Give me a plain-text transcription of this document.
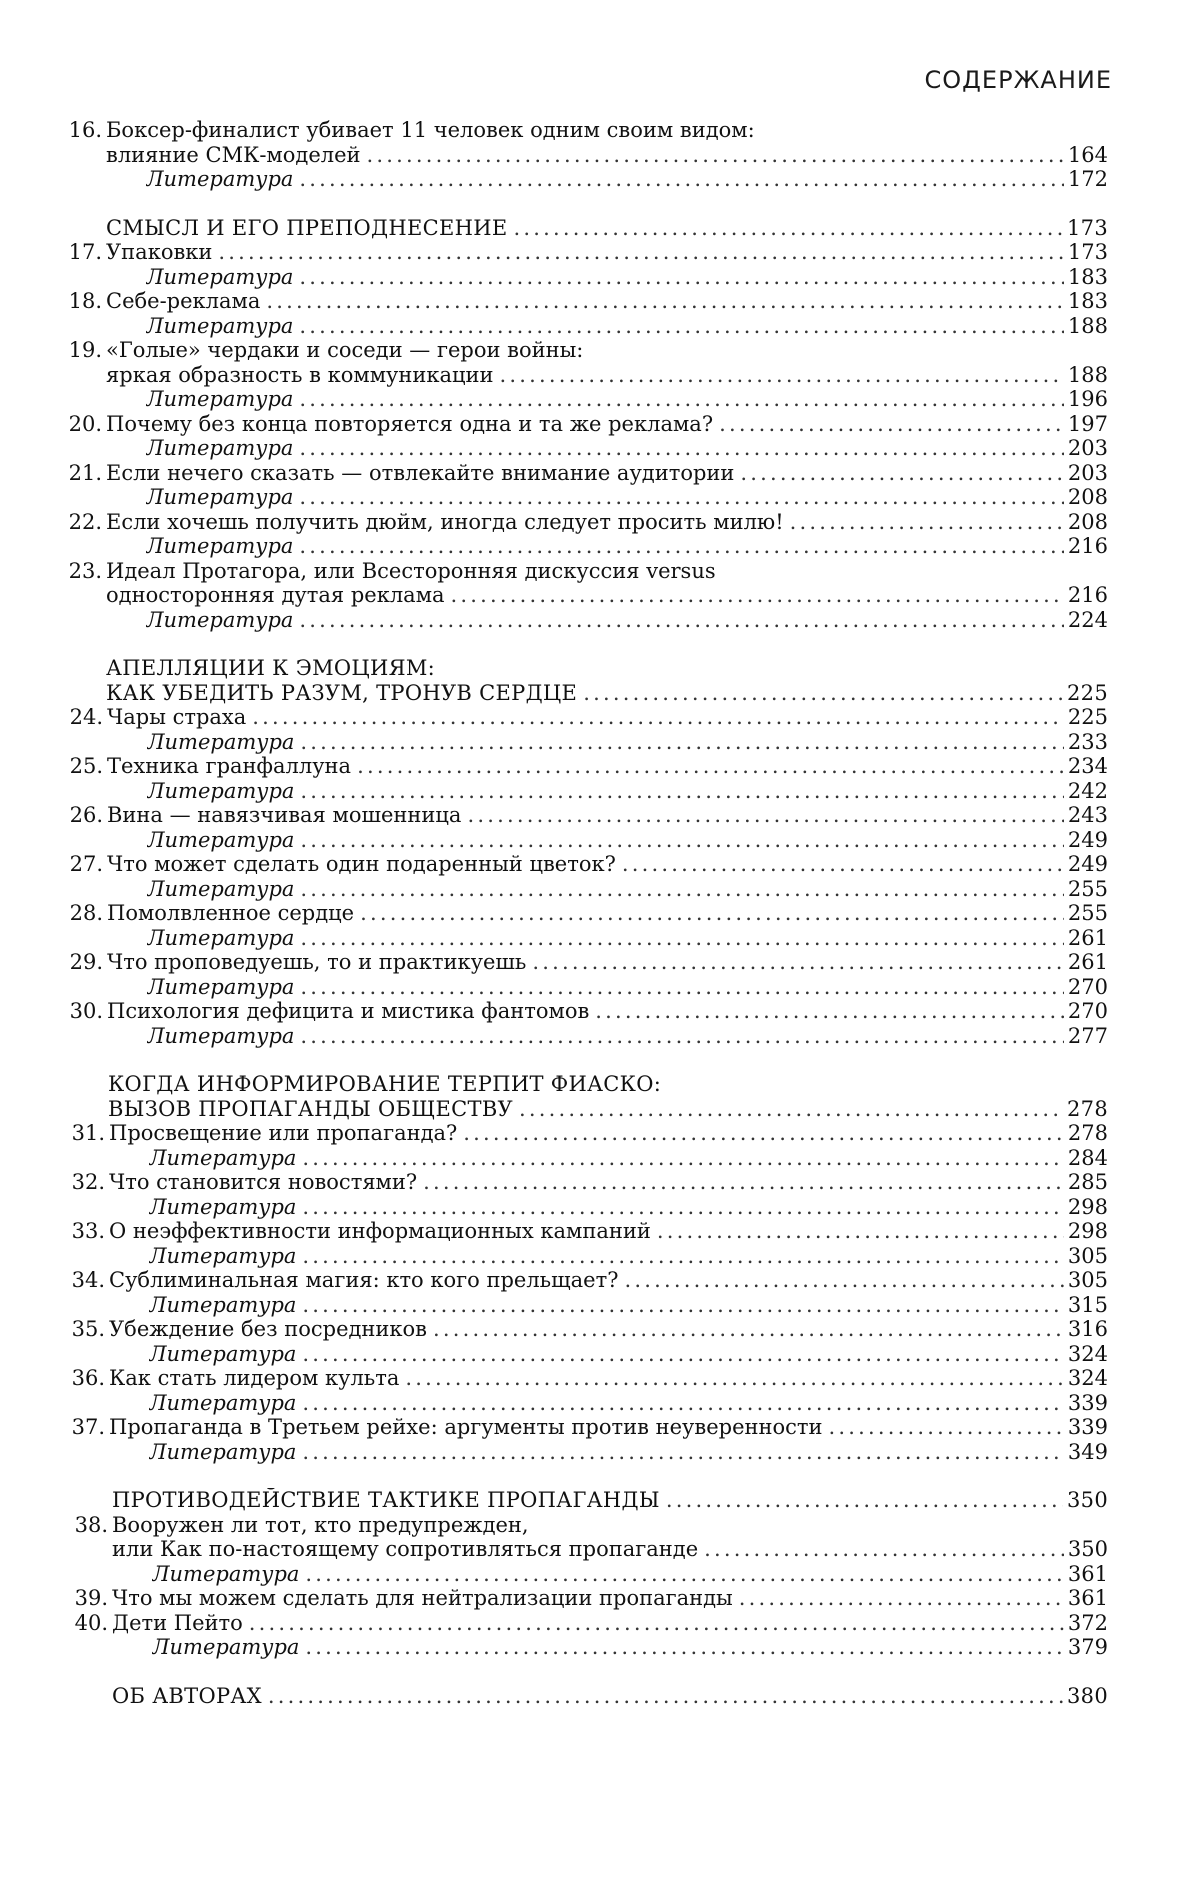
СОДЕРЖАНИЕ
16. Боксер-финалист убивает 11 человек одним своим видом:
влияние СМК-моделей
.....	164
Литература
.....	172
СМЫСЛ И ЕГО ПРЕПОДНЕСЕНИЕ
.....	173
17. Упаковки
.....	173
Литература
.....	183
18. Себе-реклама
.....	183
Литература
.....	188
19. «Голые» чердаки и соседи — герои войны:
яркая образность в коммуникации
.....	188
Литература
.....	196
20. Почему без конца повторяется одна и та же реклама?
.....	197
Литература
.....	203
21. Если нечего сказать — отвлекайте внимание аудитории
.....	203
Литература
.....	208
22. Если хочешь получить дюйм, иногда следует просить милю!
.....	208
Литература
.....	216
23. Идеал Протагора, или Всесторонняя дискуссия versus
односторонняя дутая реклама
.....	216
Литература
.....	224
АПЕЛЛЯЦИИ К ЭМОЦИЯМ:
КАК УБЕДИТЬ РАЗУМ, ТРОНУВ СЕРДЦЕ
.....	225
24. Чары страха
.....	225
Литература
.....	233
25. Техника гранфаллуна
.....	234
Литература
.....	242
26. Вина — навязчивая мошенница
.....	243
Литература
.....	249
27. Что может сделать один подаренный цветок?
.....	249
Литература
.....	255
28. Помолвленное сердце
.....	255
Литература
.....	261
29. Что проповедуешь, то и практикуешь
.....	261
Литература
.....	270
30. Психология дефицита и мистика фантомов
.....	270
Литература
.....	277
КОГДА ИНФОРМИРОВАНИЕ ТЕРПИТ ФИАСКО:
ВЫЗОВ ПРОПАГАНДЫ ОБЩЕСТВУ
.....	278
31. Просвещение или пропаганда?
.....	278
Литература
.....	284
32. Что становится новостями?
.....	285
Литература
.....	298
33. О неэффективности информационных кампаний
.....	298
Литература
.....	305
34. Сублиминальная магия: кто кого прельщает?
.....	305
Литература
.....	315
35. Убеждение без посредников
.....	316
Литература
.....	324
36. Как стать лидером культа
.....	324
Литература
.....	339
37. Пропаганда в Третьем рейхе: аргументы против неуверенности
.....	339
Литература
.....	349
ПРОТИВОДЕЙСТВИЕ ТАКТИКЕ ПРОПАГАНДЫ
.....	350
38. Вооружен ли тот, кто предупрежден,
или Как по-настоящему сопротивляться пропаганде
.....	350
Литература
.....	361
39. Что мы можем сделать для нейтрализации пропаганды
.....	361
40. Дети Пейто
.....	372
Литература
.....	379
ОБ АВТОРАХ
.....	380
